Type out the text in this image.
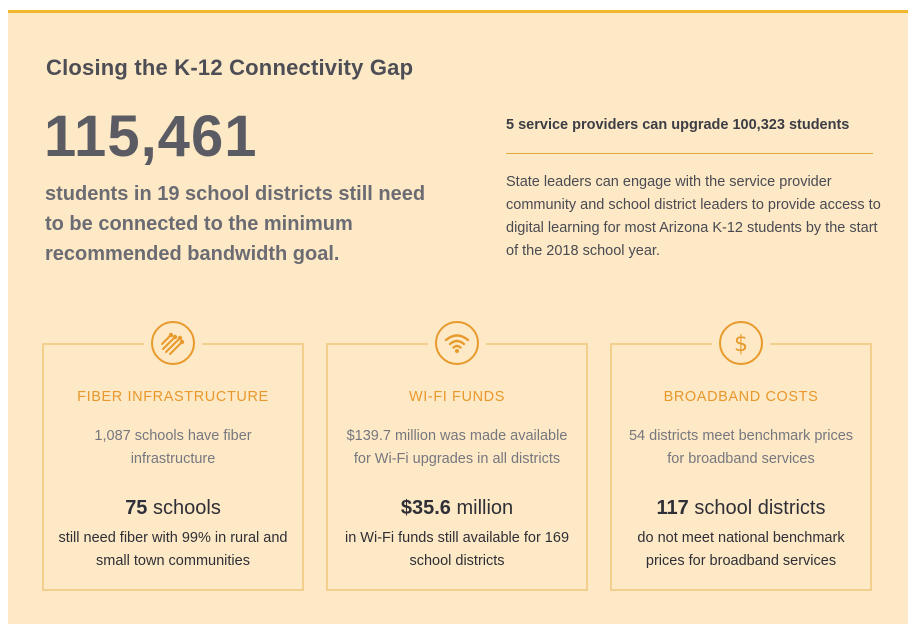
Closing the K-12 Connectivity Gap
115,461
students in 19 school districts still need to be connected to the minimum recommended bandwidth goal.
5 service providers can upgrade 100,323 students
State leaders can engage with the service provider community and school district leaders to provide access to digital learning for most Arizona K-12 students by the start of the 2018 school year.
FIBER INFRASTRUCTURE
1,087 schools have fiber infrastructure
75 schools
still need fiber with 99% in rural and small town communities
WI-FI FUNDS
$139.7 million was made available for Wi-Fi upgrades in all districts
$35.6 million
in Wi-Fi funds still available for 169 school districts
$
BROADBAND COSTS
54 districts meet benchmark prices for broadband services
117 school districts
do not meet national benchmark prices for broadband services
